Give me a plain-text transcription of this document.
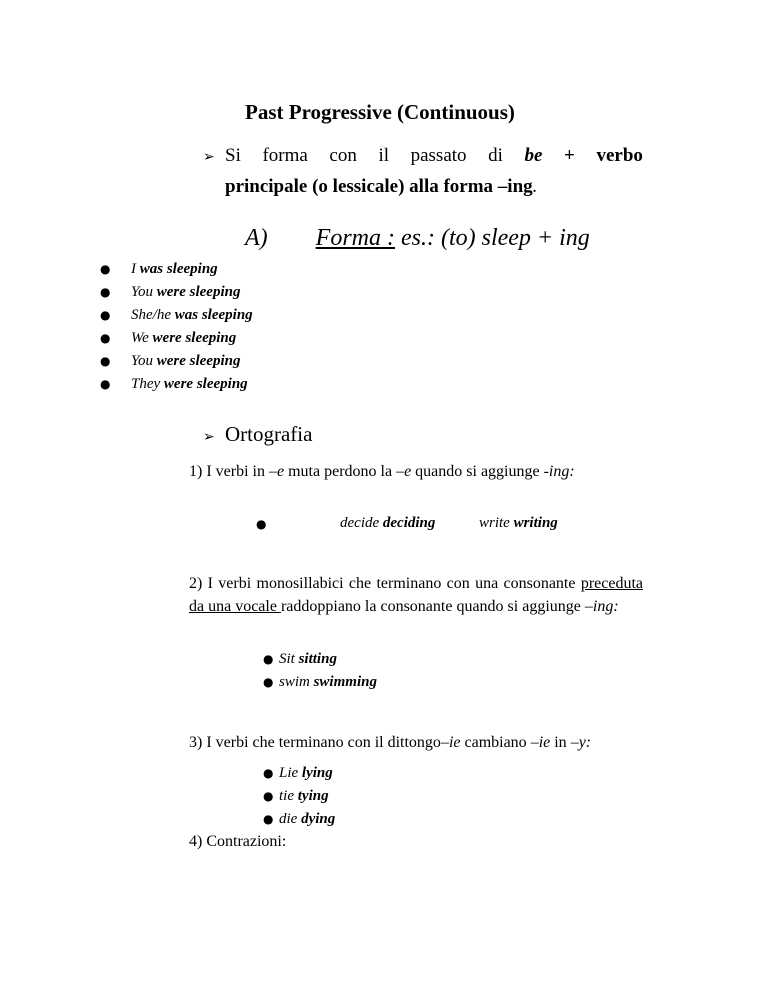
Past Progressive (Continuous)
➢ Si forma con il passato di be + verbo
principale (o lessicale) alla forma –ing.
A) Forma : es.: (to) sleep + ing
● I was sleeping
● You were sleeping
● She/he was sleeping
● We were sleeping
● You were sleeping
● They were sleeping
➢ Ortografia
1) I verbi in –e muta perdono la –e quando si aggiunge -ing:
●	decide deciding	write writing
2) I verbi monosillabici che terminano con una consonante preceduta da una vocale raddoppiano la consonante quando si aggiunge –ing:
● Sit sitting
● swim swimming
3) I verbi che terminano con il dittongo–ie cambiano –ie in –y:
● Lie lying
● tie tying
● die dying
4) Contrazioni:
